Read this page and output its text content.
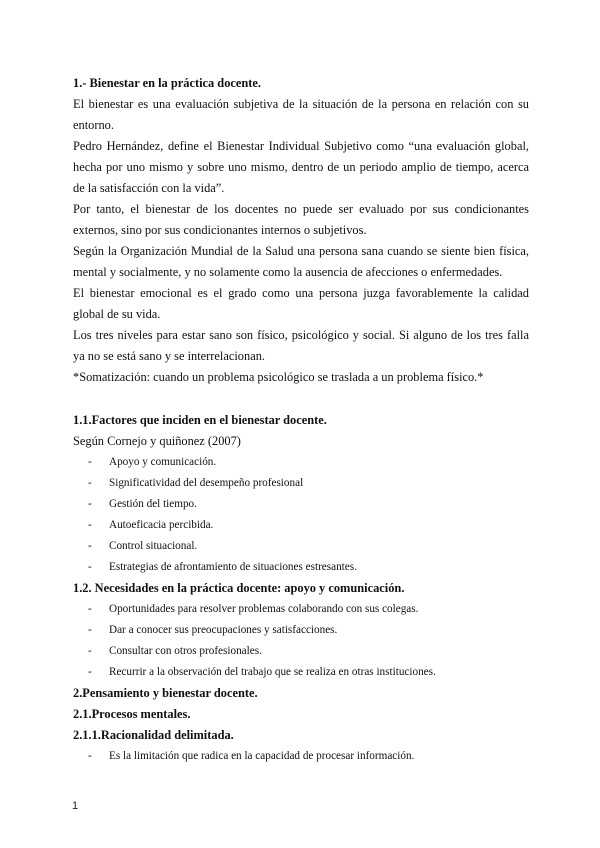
1.- Bienestar en la práctica docente.

El bienestar es una evaluación subjetiva de la situación de la persona en relación con su entorno.

Pedro Hernández, define el Bienestar Individual Subjetivo como “una evaluación global, hecha por uno mismo y sobre uno mismo, dentro de un periodo amplio de tiempo, acerca de la satisfacción con la vida”.

Por tanto, el bienestar de los docentes no puede ser evaluado por sus condicionantes externos, sino por sus condicionantes internos o subjetivos.

Según la Organización Mundial de la Salud una persona sana cuando se siente bien física, mental y socialmente, y no solamente como la ausencia de afecciones o enfermedades.

El bienestar emocional es el grado como una persona juzga favorablemente la calidad global de su vida.

Los tres niveles para estar sano son físico, psicológico y social. Si alguno de los tres falla ya no se está sano y se interrelacionan.

*Somatización: cuando un problema psicológico se traslada a un problema físico.*

1.1.Factores que inciden en el bienestar docente.
Según Cornejo y quiñonez (2007)
- Apoyo y comunicación.
- Significatividad del desempeño profesional
- Gestión del tiempo.
- Autoeficacia percibida.
- Control situacional.
- Estrategias de afrontamiento de situaciones estresantes.
1.2. Necesidades en la práctica docente: apoyo y comunicación.
- Oportunidades para resolver problemas colaborando con sus colegas.
- Dar a conocer sus preocupaciones y satisfacciones.
- Consultar con otros profesionales.
- Recurrir a la observación del trabajo que se realiza en otras instituciones.
2.Pensamiento y bienestar docente.
2.1.Procesos mentales.
2.1.1.Racionalidad delimitada.
- Es la limitación que radica en la capacidad de procesar información.
1
